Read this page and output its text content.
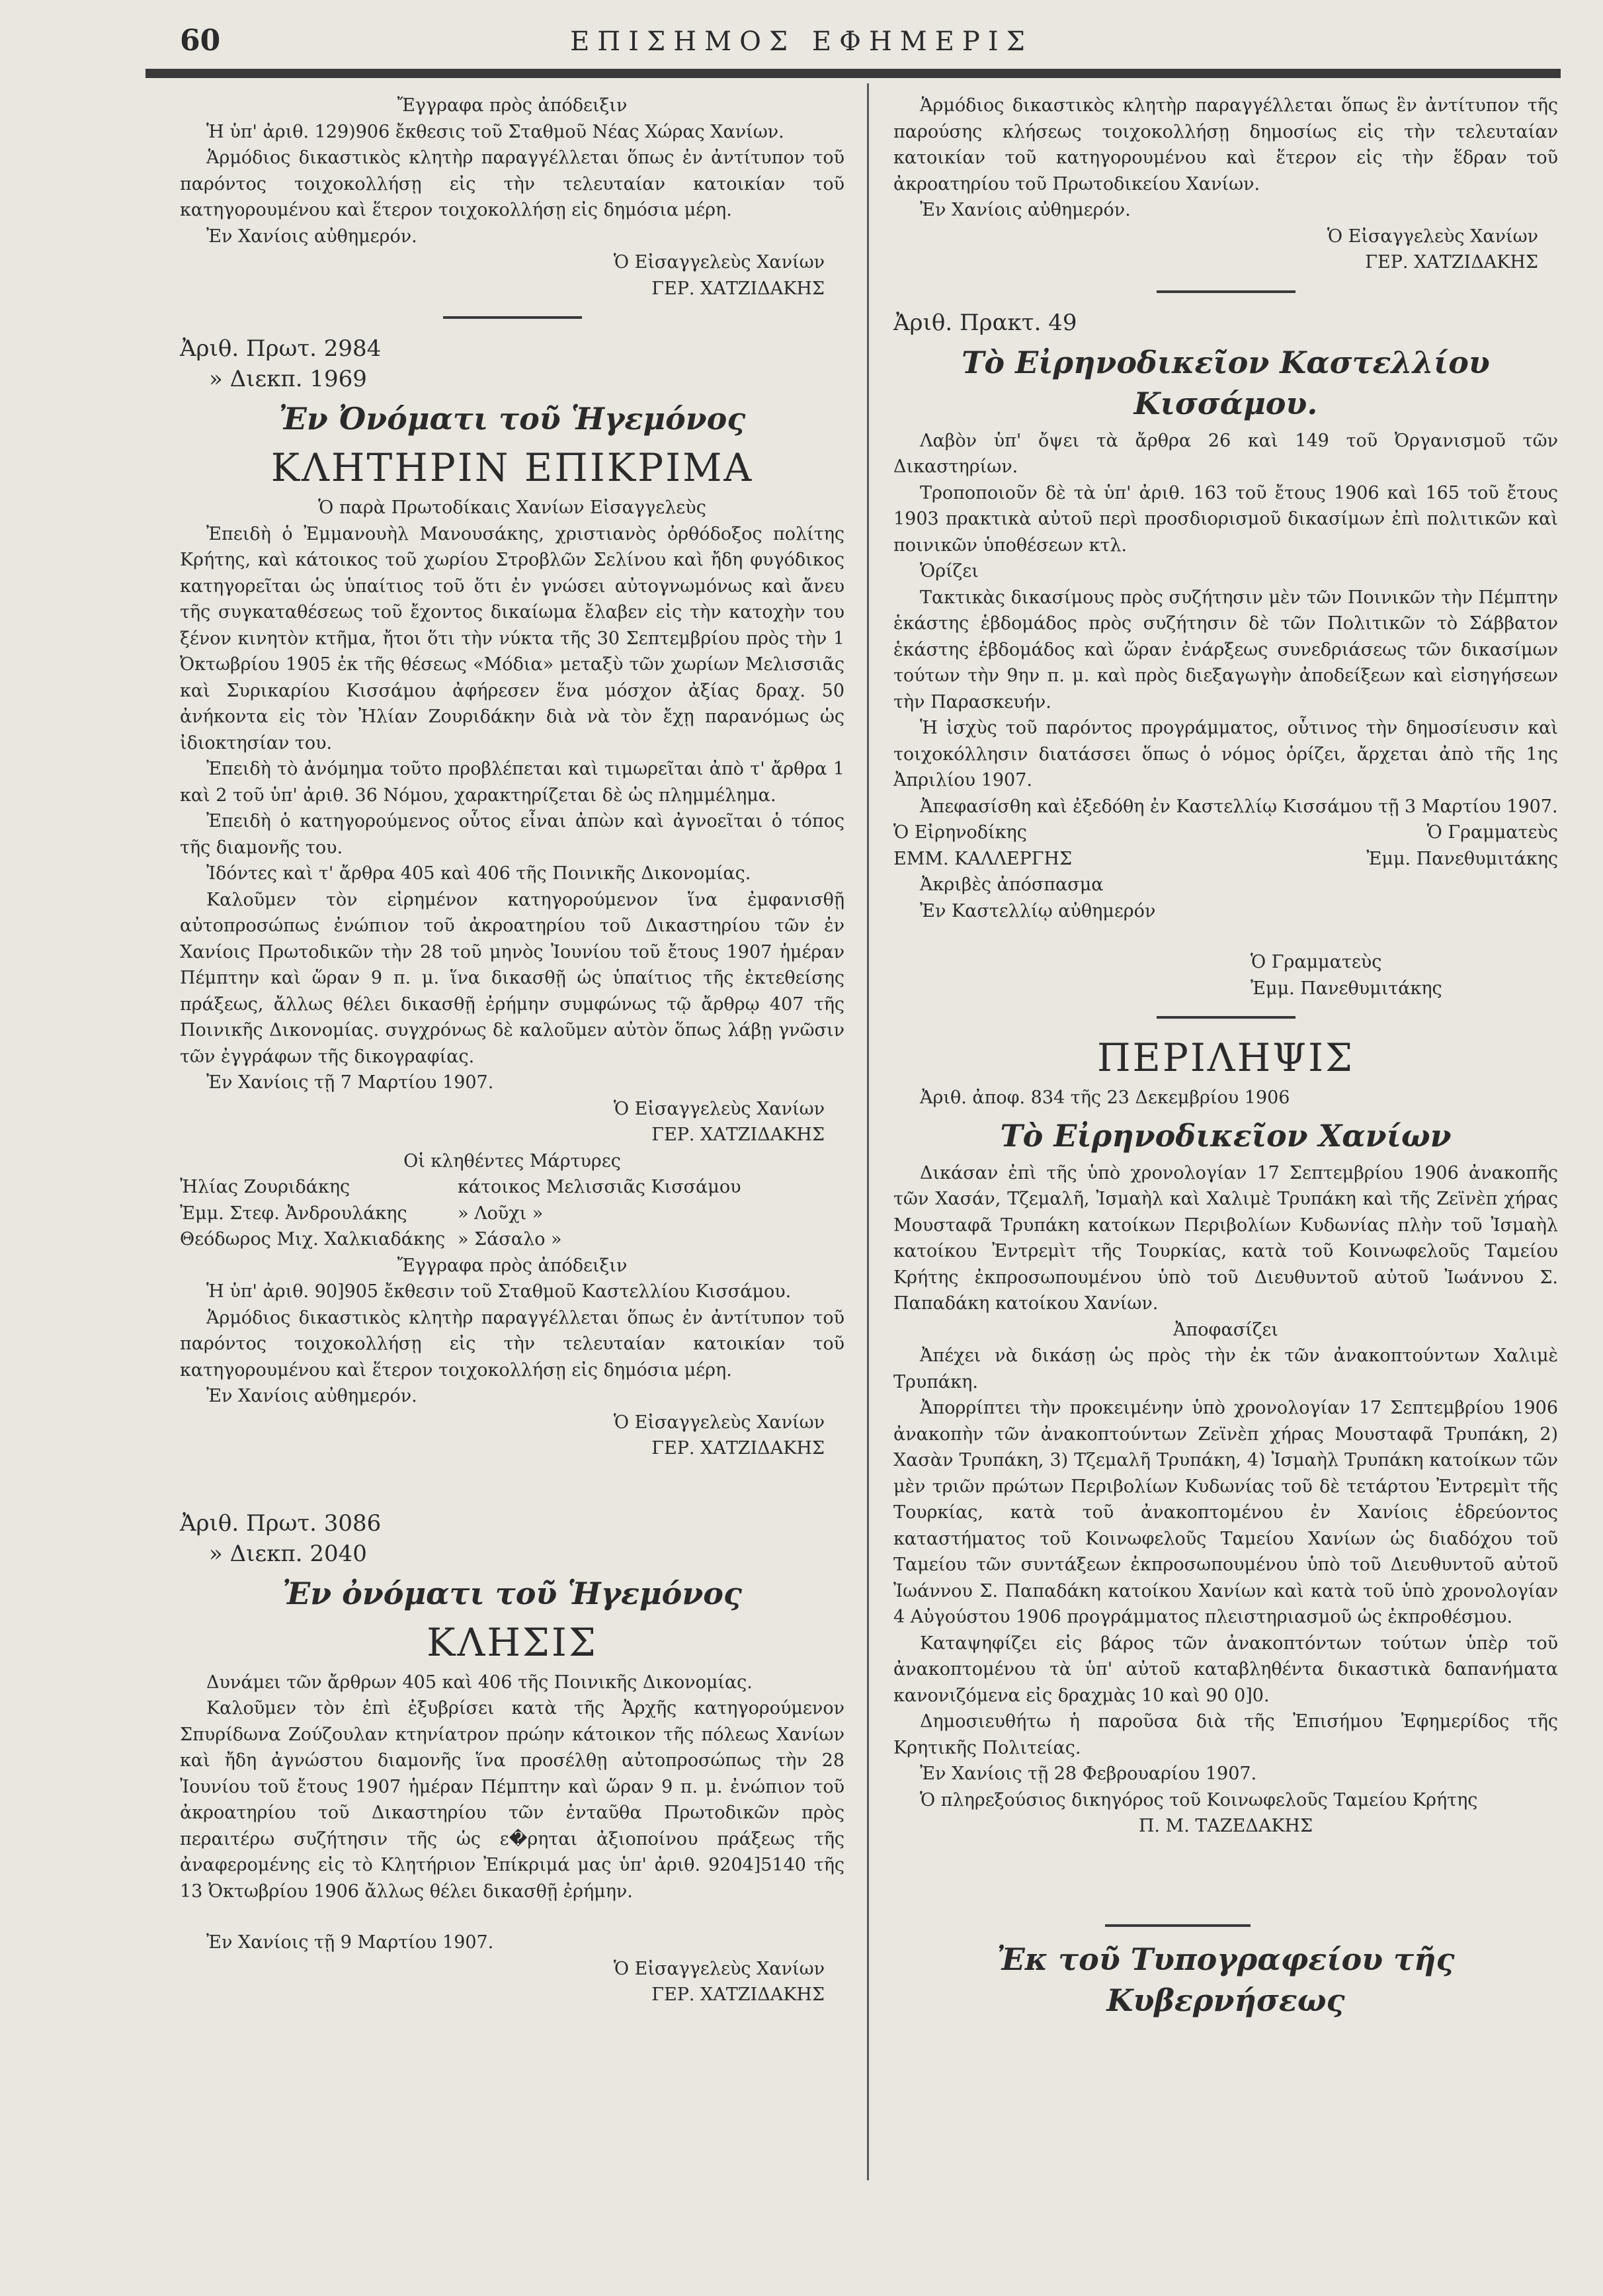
60	ΕΠΙΣΗΜΟΣ ΕΦΗΜΕΡΙΣ

Ἔγγραφα πρὸς ἀπόδειξιν

Ἡ ὑπ' ἀριθ. 129)906 ἔκθεσις τοῦ Σταθμοῦ Νέας Χώρας Χανίων.

Ἁρμόδιος δικαστικὸς κλητὴρ παραγγέλλεται ὅπως ἐν ἀντίτυπον τοῦ παρόντος τοιχοκολλήσῃ εἰς τὴν τελευταίαν κατοικίαν τοῦ κατηγορουμένου καὶ ἕτερον τοιχοκολλήσῃ εἰς δημόσια μέρη.

Ἐν Χανίοις αὐθημερόν.

Ὁ Εἰσαγγελεὺς Χανίων

ΓΕΡ. ΧΑΤΖΙΔΑΚΗΣ

Ἀριθ. Πρωτ. 2984

» Διεκπ. 1969

Ἐν Ὀνόματι τοῦ Ἡγεμόνος

ΚΛΗΤΗΡΙΝ ΕΠΙΚΡΙΜΑ

Ὁ παρὰ Πρωτοδίκαις Χανίων Εἰσαγγελεὺς

Ἐπειδὴ ὁ Ἐμμανουὴλ Μανουσάκης, χριστιανὸς ὀρθόδοξος πολίτης Κρήτης, καὶ κάτοικος τοῦ χωρίου Στροβλῶν Σελίνου καὶ ἤδη φυγόδικος κατηγορεῖται ὡς ὑπαίτιος τοῦ ὅτι ἐν γνώσει αὐτογνωμόνως καὶ ἄνευ τῆς συγκαταθέσεως τοῦ ἔχοντος δικαίωμα ἔλαβεν εἰς τὴν κατοχὴν του ξένον κινητὸν κτῆμα, ἤτοι ὅτι τὴν νύκτα τῆς 30 Σεπτεμβρίου πρὸς τὴν 1 Ὀκτωβρίου 1905 ἐκ τῆς θέσεως «Μόδια» μεταξὺ τῶν χωρίων Μελισσιᾶς καὶ Συρικαρίου Κισσάμου ἀφήρεσεν ἕνα μόσχον ἀξίας δραχ. 50 ἀνήκοντα εἰς τὸν Ἠλίαν Ζουριδάκην διὰ νὰ τὸν ἔχῃ παρανόμως ὡς ἰδιοκτησίαν του.

Ἐπειδὴ τὸ ἀνόμημα τοῦτο προβλέπεται καὶ τιμωρεῖται ἀπὸ τ' ἄρθρα 1 καὶ 2 τοῦ ὑπ' ἀριθ. 36 Νόμου, χαρακτηρίζεται δὲ ὡς πλημμέλημα.

Ἐπειδὴ ὁ κατηγορούμενος οὗτος εἶναι ἀπὼν καὶ ἀγνοεῖται ὁ τόπος τῆς διαμονῆς του.

Ἰδόντες καὶ τ' ἄρθρα 405 καὶ 406 τῆς Ποινικῆς Δικονομίας.

Καλοῦμεν τὸν εἰρημένον κατηγορούμενον ἵνα ἐμφανισθῇ αὐτοπροσώπως ἐνώπιον τοῦ ἀκροατηρίου τοῦ Δικαστηρίου τῶν ἐν Χανίοις Πρωτοδικῶν τὴν 28 τοῦ μηνὸς Ἰουνίου τοῦ ἔτους 1907 ἡμέραν Πέμπτην καὶ ὥραν 9 π. μ. ἵνα δικασθῇ ὡς ὑπαίτιος τῆς ἐκτεθείσης πράξεως, ἄλλως θέλει δικασθῇ ἐρήμην συμφώνως τῷ ἄρθρῳ 407 τῆς Ποινικῆς Δικονομίας. συγχρόνως δὲ καλοῦμεν αὐτὸν ὅπως λάβῃ γνῶσιν τῶν ἐγγράφων τῆς δικογραφίας.

Ἐν Χανίοις τῇ 7 Μαρτίου 1907.

Ὁ Εἰσαγγελεὺς Χανίων

ΓΕΡ. ΧΑΤΖΙΔΑΚΗΣ

Οἱ κληθέντες Μάρτυρες

Ἠλίας Ζουριδάκης	κάτοικος Μελισσιᾶς Κισσάμου
Ἐμμ. Στεφ. Ἀνδρουλάκης	» Λοῦχι »
Θεόδωρος Μιχ. Χαλκιαδάκης » Σάσαλο »

Ἔγγραφα πρὸς ἀπόδειξιν

Ἡ ὑπ' ἀριθ. 90]905 ἔκθεσιν τοῦ Σταθμοῦ Καστελλίου Κισσάμου.

Ἁρμόδιος δικαστικὸς κλητὴρ παραγγέλλεται ὅπως ἐν ἀντίτυπον τοῦ παρόντος τοιχοκολλήσῃ εἰς τὴν τελευταίαν κατοικίαν τοῦ κατηγορουμένου καὶ ἕτερον τοιχοκολλήσῃ εἰς δημόσια μέρη.

Ἐν Χανίοις αὐθημερόν.

Ὁ Εἰσαγγελεὺς Χανίων

ΓΕΡ. ΧΑΤΖΙΔΑΚΗΣ

Ἀριθ. Πρωτ. 3086

» Διεκπ. 2040

Ἐν ὀνόματι τοῦ Ἡγεμόνος

ΚΛΗΣΙΣ

Δυνάμει τῶν ἄρθρων 405 καὶ 406 τῆς Ποινικῆς Δικονομίας.

Καλοῦμεν τὸν ἐπὶ ἐξυβρίσει κατὰ τῆς Ἀρχῆς κατηγορούμενον Σπυρίδωνα Ζούζουλαν κτηνίατρον πρώην κάτοικον τῆς πόλεως Χανίων καὶ ἤδη ἀγνώστου διαμονῆς ἵνα προσέλθῃ αὐτοπροσώπως τὴν 28 Ἰουνίου τοῦ ἔτους 1907 ἡμέραν Πέμπτην καὶ ὥραν 9 π. μ. ἐνώπιον τοῦ ἀκροατηρίου τοῦ Δικαστηρίου τῶν ἐνταῦθα Πρωτοδικῶν πρὸς περαιτέρω συζήτησιν τῆς ὡς ε�ρηται ἀξιοποίνου πράξεως τῆς ἀναφερομένης εἰς τὸ Κλητήριον Ἐπίκριμά μας ὑπ' ἀριθ. 9204]5140 τῆς 13 Ὀκτωβρίου 1906 ἄλλως θέλει δικασθῇ ἐρήμην.

Ἐν Χανίοις τῇ 9 Μαρτίου 1907.

Ὁ Εἰσαγγελεὺς Χανίων

ΓΕΡ. ΧΑΤΖΙΔΑΚΗΣ

Ἁρμόδιος δικαστικὸς κλητὴρ παραγγέλλεται ὅπως ἓν ἀντίτυπον τῆς παρούσης κλήσεως τοιχοκολλήσῃ δημοσίως εἰς τὴν τελευταίαν κατοικίαν τοῦ κατηγορουμένου καὶ ἕτερον εἰς τὴν ἕδραν τοῦ ἀκροατηρίου τοῦ Πρωτοδικείου Χανίων.

Ἐν Χανίοις αὐθημερόν.

Ὁ Εἰσαγγελεὺς Χανίων

ΓΕΡ. ΧΑΤΖΙΔΑΚΗΣ

Ἀριθ. Πρακτ. 49

Τὸ Εἰρηνοδικεῖον Καστελλίου Κισσάμου.

Λαβὸν ὑπ' ὄψει τὰ ἄρθρα 26 καὶ 149 τοῦ Ὀργανισμοῦ τῶν Δικαστηρίων.

Τροποποιοῦν δὲ τὰ ὑπ' ἀριθ. 163 τοῦ ἔτους 1906 καὶ 165 τοῦ ἔτους 1903 πρακτικὰ αὐτοῦ περὶ προσδιορισμοῦ δικασίμων ἐπὶ πολιτικῶν καὶ ποινικῶν ὑποθέσεων κτλ.

Ὁρίζει

Τακτικὰς δικασίμους πρὸς συζήτησιν μὲν τῶν Ποινικῶν τὴν Πέμπτην ἑκάστης ἑβδομάδος πρὸς συζήτησιν δὲ τῶν Πολιτικῶν τὸ Σάββατον ἑκάστης ἑβδομάδος καὶ ὥραν ἐνάρξεως συνεδριάσεως τῶν δικασίμων τούτων τὴν 9ην π. μ. καὶ πρὸς διεξαγωγὴν ἀποδείξεων καὶ εἰσηγήσεων τὴν Παρασκευήν.

Ἡ ἰσχὺς τοῦ παρόντος προγράμματος, οὗτινος τὴν δημοσίευσιν καὶ τοιχοκόλλησιν διατάσσει ὅπως ὁ νόμος ὁρίζει, ἄρχεται ἀπὸ τῆς 1ης Ἀπριλίου 1907.

Ἀπεφασίσθη καὶ ἐξεδόθη ἐν Καστελλίῳ Κισσάμου τῇ 3 Μαρτίου 1907.

Ὁ Εἰρηνοδίκης	Ὁ Γραμματεὺς
ΕΜΜ. ΚΑΛΛΕΡΓΗΣ	Ἐμμ. Πανεθυμιτάκης

Ἀκριβὲς ἀπόσπασμα

Ἐν Καστελλίῳ αὐθημερόν

Ὁ Γραμματεὺς

Ἐμμ. Πανεθυμιτάκης

ΠΕΡΙΛΗΨΙΣ

Ἀριθ. ἀποφ. 834 τῆς 23 Δεκεμβρίου 1906

Τὸ Εἰρηνοδικεῖον Χανίων

Δικάσαν ἐπὶ τῆς ὑπὸ χρονολογίαν 17 Σεπτεμβρίου 1906 ἀνακοπῆς τῶν Χασάν, Τζεμαλῆ, Ἰσμαὴλ καὶ Χαλιμὲ Τρυπάκη καὶ τῆς Ζεϊνὲπ χήρας Μουσταφᾶ Τρυπάκη κατοίκων Περιβολίων Κυδωνίας πλὴν τοῦ Ἰσμαὴλ κατοίκου Ἐντρεμὶτ τῆς Τουρκίας, κατὰ τοῦ Κοινωφελοῦς Ταμείου Κρήτης ἐκπροσωπουμένου ὑπὸ τοῦ Διευθυντοῦ αὐτοῦ Ἰωάννου Σ. Παπαδάκη κατοίκου Χανίων.

Ἀποφασίζει

Ἀπέχει νὰ δικάσῃ ὡς πρὸς τὴν ἐκ τῶν ἀνακοπτούντων Χαλιμὲ Τρυπάκη.

Ἀπορρίπτει τὴν προκειμένην ὑπὸ χρονολογίαν 17 Σεπτεμβρίου 1906 ἀνακοπὴν τῶν ἀνακοπτούντων Ζεϊνὲπ χήρας Μουσταφᾶ Τρυπάκη, 2) Χασὰν Τρυπάκη, 3) Τζεμαλῆ Τρυπάκη, 4) Ἰσμαὴλ Τρυπάκη κατοίκων τῶν μὲν τριῶν πρώτων Περιβολίων Κυδωνίας τοῦ δὲ τετάρτου Ἐντρεμὶτ τῆς Τουρκίας, κατὰ τοῦ ἀνακοπτομένου ἐν Χανίοις ἑδρεύοντος καταστήματος τοῦ Κοινωφελοῦς Ταμείου Χανίων ὡς διαδόχου τοῦ Ταμείου τῶν συντάξεων ἐκπροσωπουμένου ὑπὸ τοῦ Διευθυντοῦ αὐτοῦ Ἰωάννου Σ. Παπαδάκη κατοίκου Χανίων καὶ κατὰ τοῦ ὑπὸ χρονολογίαν 4 Αὐγούστου 1906 προγράμματος πλειστηριασμοῦ ὡς ἐκπροθέσμου.

Καταψηφίζει εἰς βάρος τῶν ἀνακοπτόντων τούτων ὑπὲρ τοῦ ἀνακοπτομένου τὰ ὑπ' αὐτοῦ καταβληθέντα δικαστικὰ δαπανήματα κανονιζόμενα εἰς δραχμὰς 10 καὶ 90 0]0.

Δημοσιευθήτω ἡ παροῦσα διὰ τῆς Ἐπισήμου Ἐφημερίδος τῆς Κρητικῆς Πολιτείας.

Ἐν Χανίοις τῇ 28 Φεβρουαρίου 1907.

Ὁ πληρεξούσιος δικηγόρος τοῦ Κοινωφελοῦς Ταμείου Κρήτης

Π. Μ. ΤΑΖΕΔΑΚΗΣ

Ἐκ τοῦ Τυπογραφείου τῆς Κυβερνήσεως
